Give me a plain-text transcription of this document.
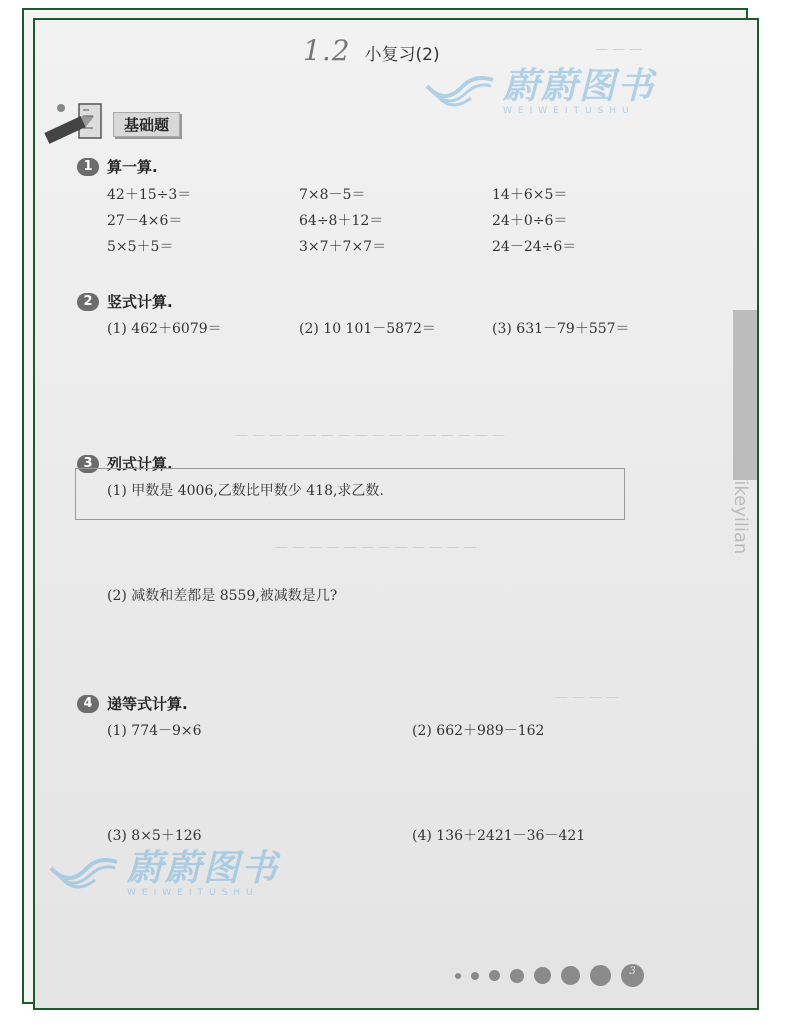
— — —
— — — — — — — — — — — — — — — —
— — — — — — — — — — — —
— — — —
1.2 小复习(2)
蔚蔚图书
WEIWEITUSHU
基础题
1 算一算.
42＋15÷3＝	7×8－5＝	14＋6×5＝
27－4×6＝	64÷8＋12＝	24＋0÷6＝
5×5＋5＝	3×7＋7×7＝	24－24÷6＝
2 竖式计算.
(1) 462＋6079＝	(2) 10 101－5872＝	(3) 631－79＋557＝
Yikeyilian
3 列式计算.
(1) 甲数是 4006,乙数比甲数少 418,求乙数.
(2) 减数和差都是 8559,被减数是几?
4 递等式计算.
(1) 774－9×6	(2) 662＋989－162
(3) 8×5＋126	(4) 136＋2421－36－421
蔚蔚图书
WEIWEITUSHU
3
